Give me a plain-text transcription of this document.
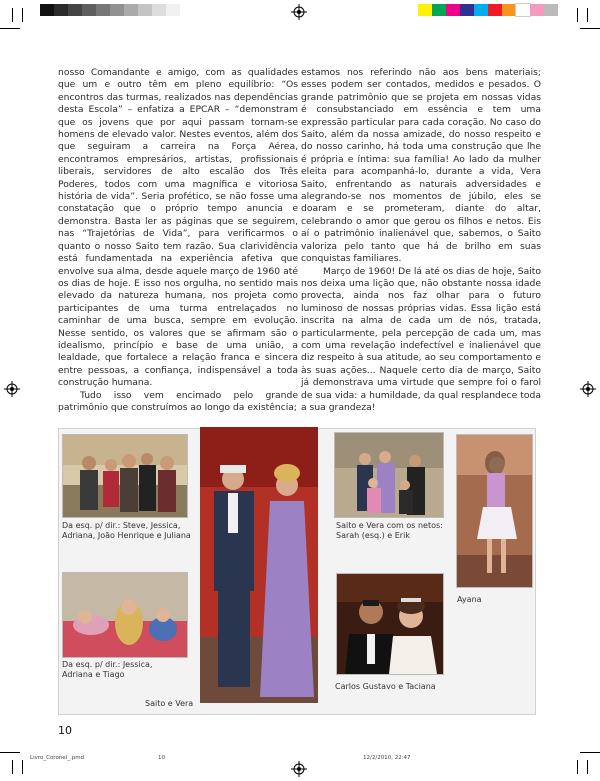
nosso Comandante e amigo, com as qualidades que um e outro têm em pleno equilíbrio: “Os encontros das turmas, realizados nas dependências desta Escola” – enfatiza a EPCAR – “demonstram que os jovens que por aqui passam tornam-se homens de elevado valor. Nestes eventos, além dos que seguiram a carreira na Força Aérea, encontramos empresários, artistas, profissionais liberais, servidores de alto escalão dos Três Poderes, todos com uma magnífica e vitoriosa história de vida”. Seria profético, se não fosse uma constatação que o próprio tempo anuncia e demonstra. Basta ler as páginas que se seguirem, nas “Trajetórias de Vida”, para verificarmos o quanto o nosso Saito tem razão. Sua clarividência está fundamentada na experiência afetiva que envolve sua alma, desde aquele março de 1960 até os dias de hoje. E isso nos orgulha, no sentido mais elevado da natureza humana, nos projeta como participantes de uma turma entrelaçados no caminhar de uma busca, sempre em evolução. Nesse sentido, os valores que se afirmam são o idealismo, princípio e base de uma união, a lealdade, que fortalece a relação franca e sincera entre pessoas, a confiança, indispensável a toda construção humana.

Tudo isso vem encimado pelo grande patrimônio que construímos ao longo da existência;

estamos nos referindo não aos bens materiais; esses podem ser contados, medidos e pesados. O grande patrimônio que se projeta em nossas vidas é consubstanciado em essência e tem uma expressão particular para cada coração. No caso do Saito, além da nossa amizade, do nosso respeito e do nosso carinho, há toda uma construção que lhe é própria e íntima: sua família! Ao lado da mulher eleita para acompanhá-lo, durante a vida, Vera Saito, enfrentando as naturais adversidades e alegrando-se nos momentos de júbilo, eles se doaram e se prometeram, diante do altar, celebrando o amor que gerou os filhos e netos. Eis aí o patrimônio inalienável que, sabemos, o Saito valoriza pelo tanto que há de brilho em suas conquistas familiares.

Março de 1960! De lá até os dias de hoje, Saito nos deixa uma lição que, não obstante nossa idade provecta, ainda nos faz olhar para o futuro luminoso de nossas próprias vidas. Essa lição está inscrita na alma de cada um de nós, tratada, particularmente, pela percepção de cada um, mas com uma revelação indefectível e inalienável que diz respeito à sua atitude, ao seu comportamento e às suas ações... Naquele certo dia de março, Saito já demonstrava uma virtude que sempre foi o farol de sua vida: a humildade, da qual resplandece toda a sua grandeza!

Da esq. p/ dir.: Steve, Jessica, Adriana, João Henrique e Juliana
Saito e Vera
Saito e Vera com os netos: Sarah (esq.) e Erik
Ayana
Da esq. p/ dir.: Jessica, Adriana e Tiago
Carlos Gustavo e Taciana
10
Livro_Coronel_.pmd	10	12/2/2010, 22:47
